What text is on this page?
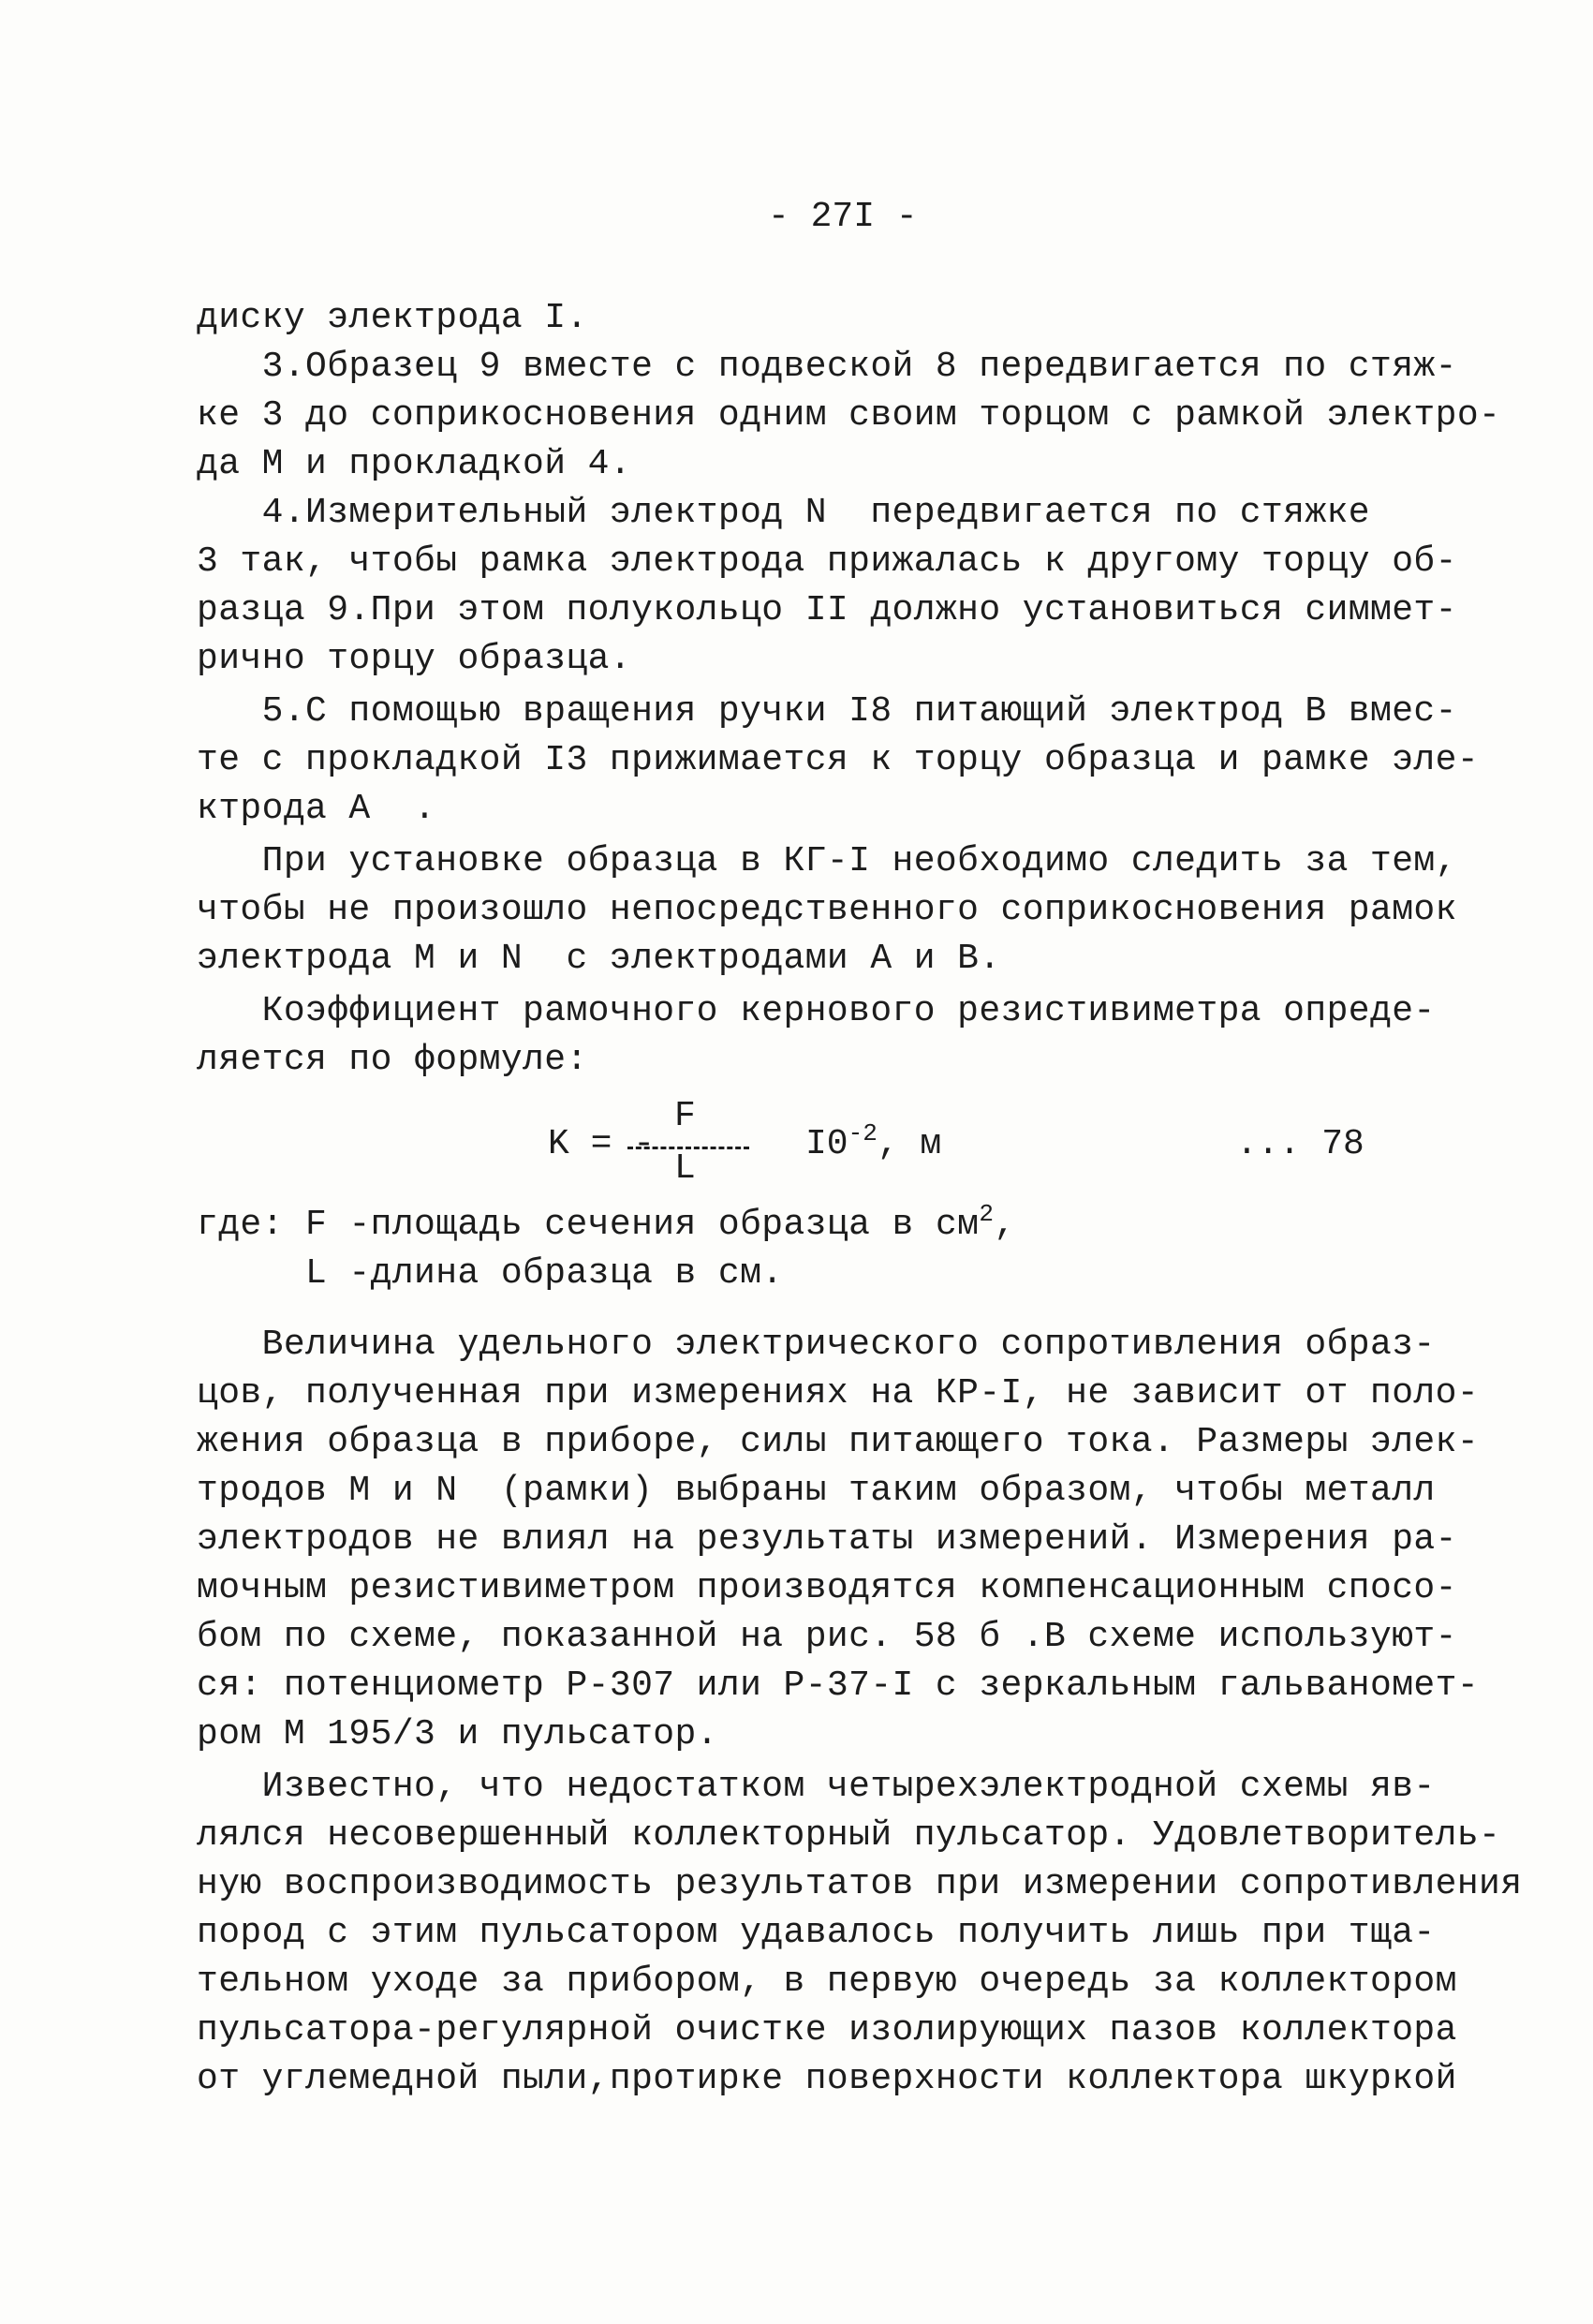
- 27I -
диску электрода I.
3.Образец 9 вместе с подвеской 8 передвигается по стяж-
ке 3 до соприкосновения одним своим торцом с рамкой электро-
да M и прокладкой 4.
4.Измерительный электрод N  передвигается по стяжке
3 так, чтобы рамка электрода прижалась к другому торцу об-
разца 9.При этом полукольцо II должно установиться симмет-
рично торцу образца.
5.С помощью вращения ручки I8 питающий электрод B вмес-
те с прокладкой I3 прижимается к торцу образца и рамке эле-
ктрода A  .
При установке образца в КГ-I необходимо следить за тем,
чтобы не произошло непосредственного соприкосновения рамок
электрода M и N  с электродами A и B.
Коэффициент рамочного кернового резистивиметра опреде-
ляется по формуле:
K = -
F
L
$I0^{-2}$, м	... 78
где: F -площадь сечения образца в $см^2$,
L -длина образца в см.
Величина удельного электрического сопротивления образ-
цов, полученная при измерениях на КР-I, не зависит от поло-
жения образца в приборе, силы питающего тока. Размеры элек-
тродов M и N  (рамки) выбраны таким образом, чтобы металл
электродов не влиял на результаты измерений. Измерения ра-
мочным резистивиметром производятся компенсационным спосо-
бом по схеме, показанной на рис. 58 б .В схеме используют-
ся: потенциометр Р-307 или Р-37-I с зеркальным гальваномет-
ром М 195/3 и пульсатор.
Известно, что недостатком четырехэлектродной схемы яв-
лялся несовершенный коллекторный пульсатор. Удовлетворитель-
ную воспроизводимость результатов при измерении сопротивления
пород с этим пульсатором удавалось получить лишь при тща-
тельном уходе за прибором, в первую очередь за коллектором
пульсатора-регулярной очистке изолирующих пазов коллектора
от углемедной пыли,протирке поверхности коллектора шкуркой
